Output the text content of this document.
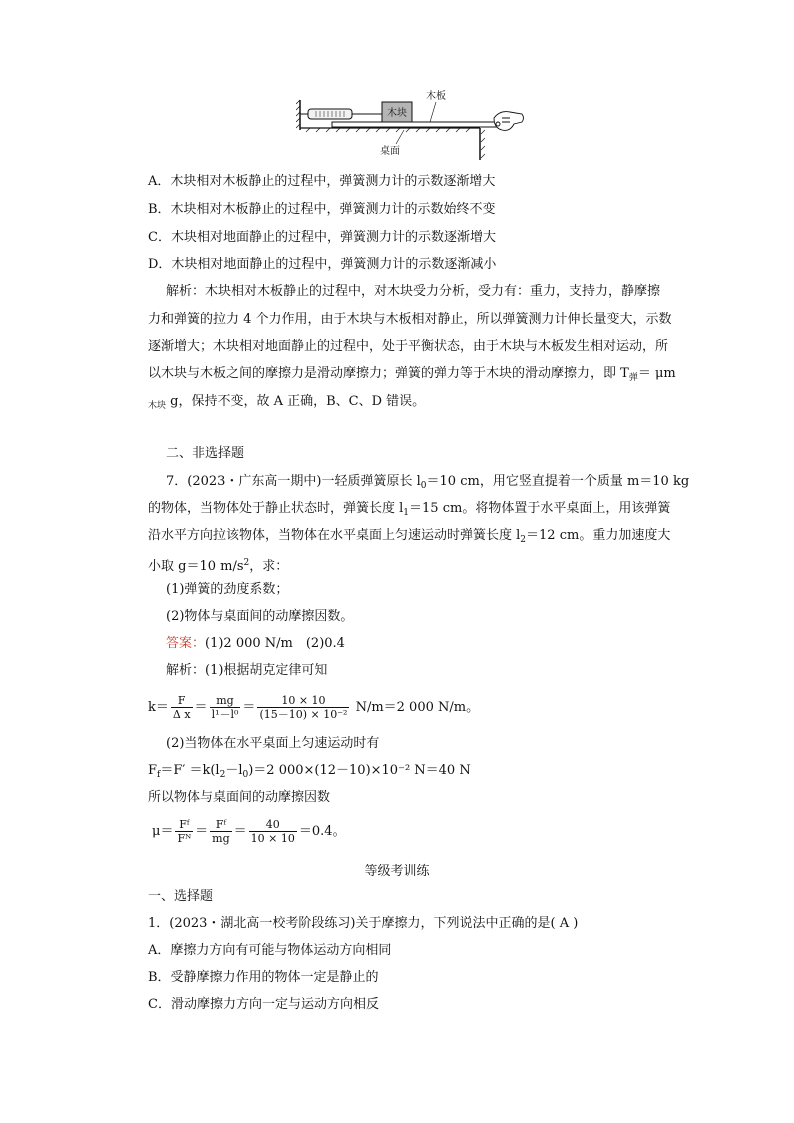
木块
木板
桌面
A．木块相对木板静止的过程中，弹簧测力计的示数逐渐增大
B．木块相对木板静止的过程中，弹簧测力计的示数始终不变
C．木块相对地面静止的过程中，弹簧测力计的示数逐渐增大
D．木块相对地面静止的过程中，弹簧测力计的示数逐渐减小
解析：木块相对木板静止的过程中，对木块受力分析，受力有：重力，支持力，静摩擦
力和弹簧的拉力 4 个力作用，由于木块与木板相对静止，所以弹簧测力计伸长量变大，示数
逐渐增大；木块相对地面静止的过程中，处于平衡状态，由于木块与木板发生相对运动，所
以木块与木板之间的摩擦力是滑动摩擦力；弹簧的弹力等于木块的滑动摩擦力，即 $T_弹= \mu m$
$_{木块}$ g，保持不变，故 A 正确，B、C、D 错误。
二、非选择题
7．(2023・广东高一期中)一轻质弹簧原长 $l_0=10$ cm，用它竖直提着一个质量 m＝10 kg
的物体，当物体处于静止状态时，弹簧长度 $l_1=15$ cm。将物体置于水平桌面上，用该弹簧
沿水平方向拉该物体，当物体在水平桌面上匀速运动时弹簧长度 $l_2=12$ cm。重力加速度大
小取 g＝10 $m/s^2$，求：
(1)弹簧的劲度系数；
(2)物体与桌面间的动摩擦因数。
答案：(1)2 000 N/m　(2)0.4
解析：(1)根据胡克定律可知
$k= \frac{F}{\text{Δ x}} = \frac{mg}{\text{l¹－l⁰}} = \frac{10 \times 10}{\text{(15－10) × 10⁻²}} N/m=2$ 000 N/m。
(2)当物体在水平桌面上匀速运动时有
$F_f=F' =k(l_2-l_0)=2$ 000×(12－10)×10⁻² N＝40 N
所以物体与桌面间的动摩擦因数
$\mu= \frac{\text{Fᶠ}}{\text{Fᴺ}} = \frac{\text{Fᶠ}}{mg} = \frac{40}{10 \times 10} =0.4$。
等级考训练
一、选择题
1．(2023・湖北高一校考阶段练习)关于摩擦力，下列说法中正确的是( A )
A．摩擦力方向有可能与物体运动方向相同
B．受静摩擦力作用的物体一定是静止的
C．滑动摩擦力方向一定与运动方向相反
